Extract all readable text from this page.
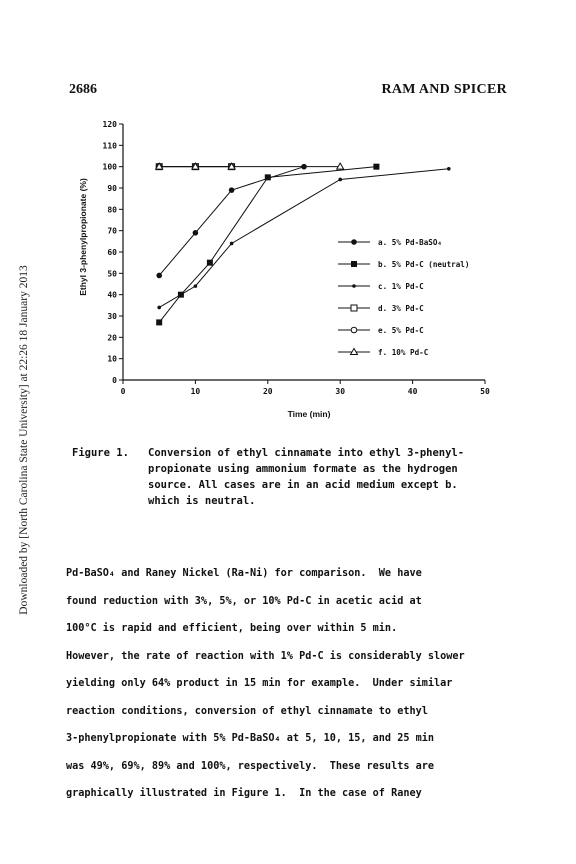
Downloaded by [North Carolina State University] at 22:26 18 January 2013
2686	RAM AND SPICER
0
10
20
30
40
50
60
70
80
90
100
110
120
0	10	20	30	40	50
Time (min)
Ethyl 3-phenylpropionate (%)	a. 5% Pd-BaSO₄
b. 5% Pd-C (neutral)
c. 1% Pd-C
d. 3% Pd-C
e. 5% Pd-C
f. 10% Pd-C
Figure 1. Conversion of ethyl cinnamate into ethyl 3-phenyl-
propionate using ammonium formate as the hydrogen
source. All cases are in an acid medium except b.
which is neutral.
Pd-BaSO₄ and Raney Nickel (Ra-Ni) for comparison.  We have
found reduction with 3%, 5%, or 10% Pd-C in acetic acid at
100°C is rapid and efficient, being over within 5 min.
However, the rate of reaction with 1% Pd-C is considerably slower
yielding only 64% product in 15 min for example.  Under similar
reaction conditions, conversion of ethyl cinnamate to ethyl
3-phenylpropionate with 5% Pd-BaSO₄ at 5, 10, 15, and 25 min
was 49%, 69%, 89% and 100%, respectively.  These results are
graphically illustrated in Figure 1.  In the case of Raney
